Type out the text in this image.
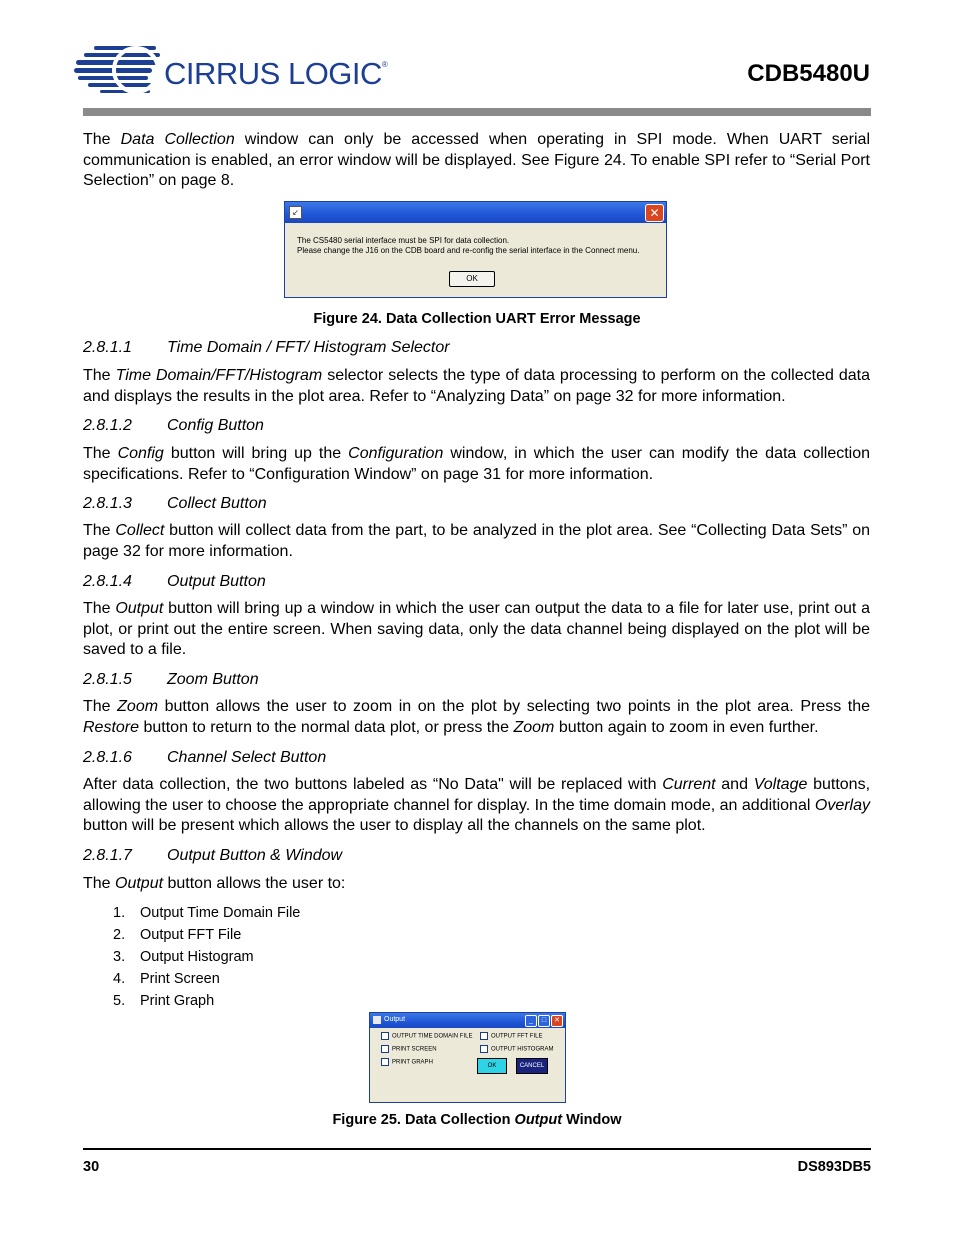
CIRRUS LOGIC®	CDB5480U
The Data Collection window can only be accessed when operating in SPI mode. When UART serial communication is enabled, an error window will be displayed. See Figure 24. To enable SPI refer to “Serial Port Selection” on page 8.
↙	✕
The CS5480 serial interface must be SPI for data collection.
Please change the J16 on the CDB board and re-config the serial interface in the Connect menu.
OK
Figure 24. Data Collection UART Error Message
2.8.1.1 Time Domain / FFT/ Histogram Selector
The Time Domain/FFT/Histogram selector selects the type of data processing to perform on the collected data and displays the results in the plot area. Refer to “Analyzing Data” on page 32 for more information.
2.8.1.2 Config Button
The Config button will bring up the Configuration window, in which the user can modify the data collection specifications. Refer to “Configuration Window” on page 31 for more information.
2.8.1.3 Collect Button
The Collect button will collect data from the part, to be analyzed in the plot area. See “Collecting Data Sets” on page 32 for more information.
2.8.1.4 Output Button
The Output button will bring up a window in which the user can output the data to a file for later use, print out a plot, or print out the entire screen. When saving data, only the data channel being displayed on the plot will be saved to a file.
2.8.1.5 Zoom Button
The Zoom button allows the user to zoom in on the plot by selecting two points in the plot area. Press the Restore button to return to the normal data plot, or press the Zoom button again to zoom in even further.
2.8.1.6 Channel Select Button
After data collection, the two buttons labeled as “No Data" will be replaced with Current and Voltage buttons, allowing the user to choose the appropriate channel for display. In the time domain mode, an additional Overlay button will be present which allows the user to display all the channels on the same plot.
2.8.1.7 Output Button & Window
The Output button allows the user to:
1. Output Time Domain File
2. Output FFT File
3. Output Histogram
4. Print Screen
5. Print Graph
Output	_	□	✕
OUTPUT TIME DOMAIN FILE	OUTPUT FFT FILE
PRINT SCREEN	OUTPUT HISTOGRAM
PRINT GRAPH
OK	CANCEL
Figure 25. Data Collection Output Window
30	DS893DB5
